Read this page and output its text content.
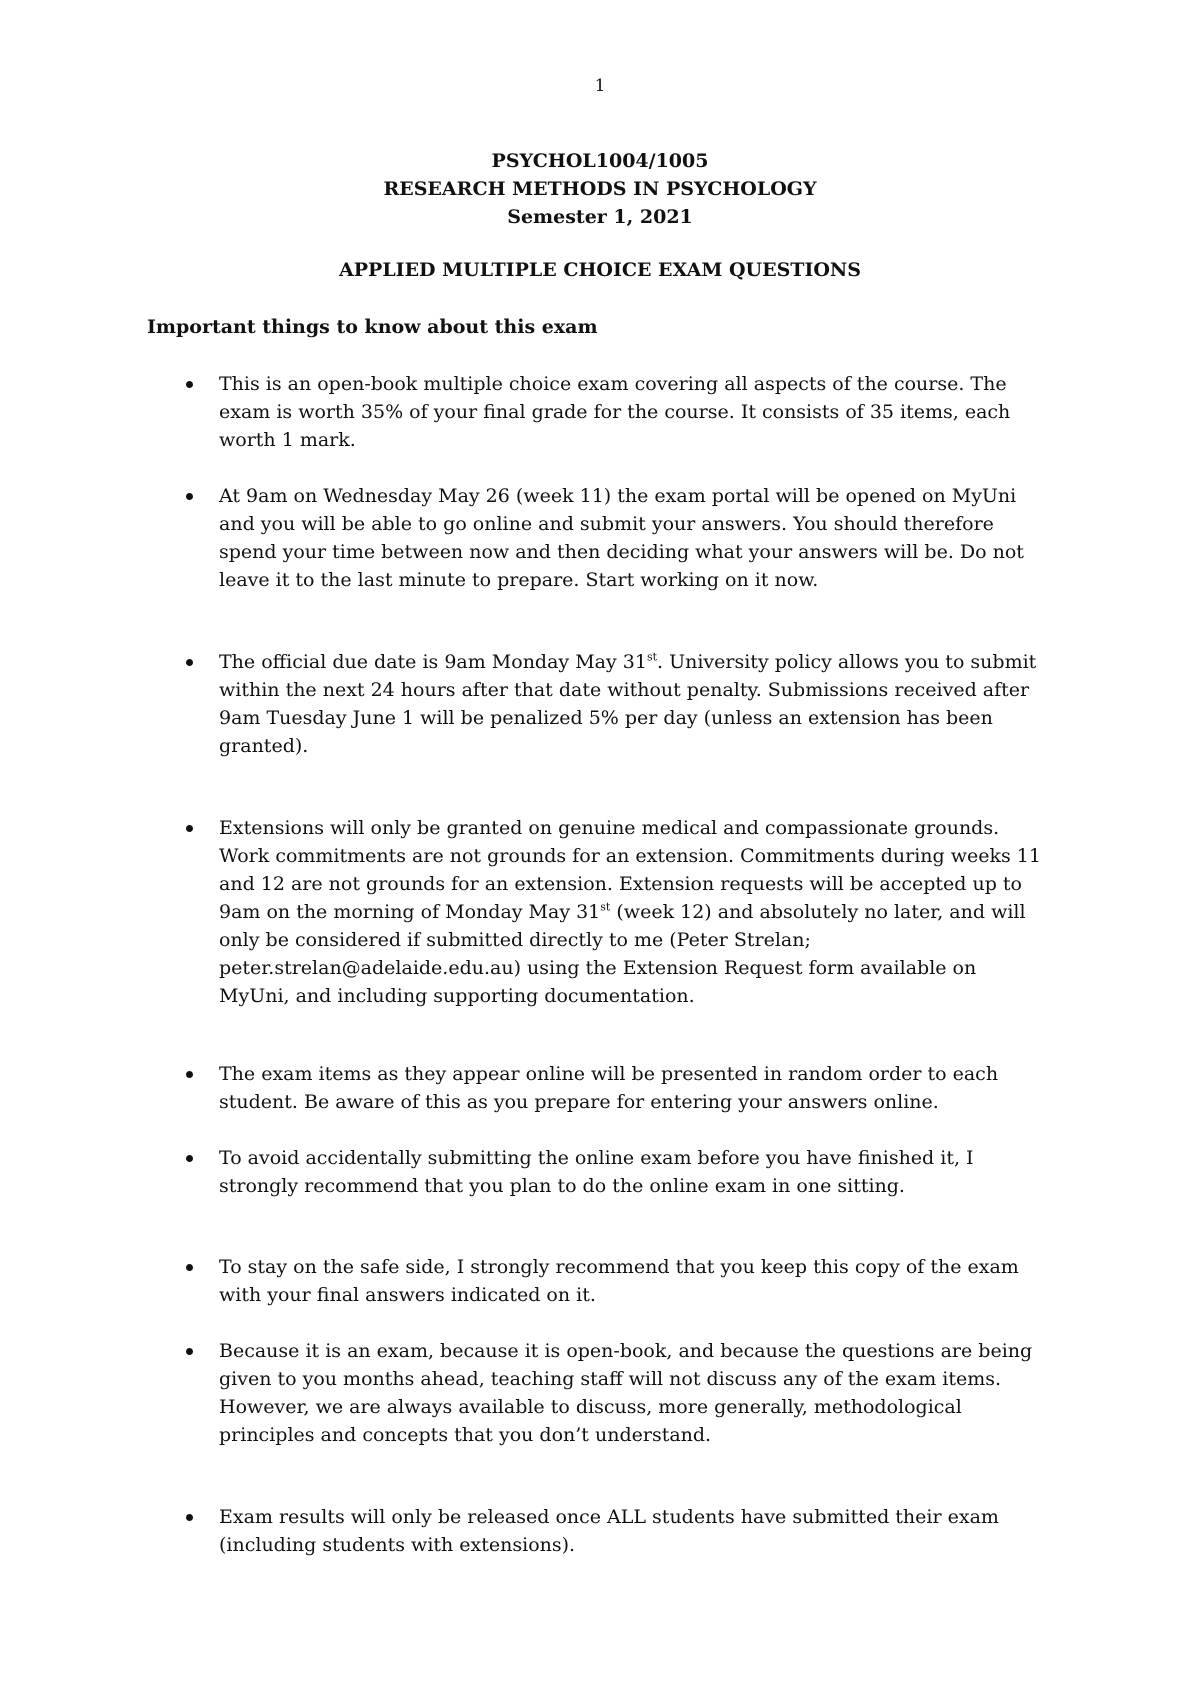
1
PSYCHOL1004/1005
RESEARCH METHODS IN PSYCHOLOGY
Semester 1, 2021
APPLIED MULTIPLE CHOICE EXAM QUESTIONS
Important things to know about this exam
This is an open-book multiple choice exam covering all aspects of the course. The
exam is worth 35% of your final grade for the course. It consists of 35 items, each
worth 1 mark.
At 9am on Wednesday May 26 (week 11) the exam portal will be opened on MyUni
and you will be able to go online and submit your answers. You should therefore
spend your time between now and then deciding what your answers will be. Do not
leave it to the last minute to prepare. Start working on it now.
The official due date is 9am Monday May 31st. University policy allows you to submit
within the next 24 hours after that date without penalty. Submissions received after
9am Tuesday June 1 will be penalized 5% per day (unless an extension has been
granted).
Extensions will only be granted on genuine medical and compassionate grounds.
Work commitments are not grounds for an extension. Commitments during weeks 11
and 12 are not grounds for an extension. Extension requests will be accepted up to
9am on the morning of Monday May 31st (week 12) and absolutely no later, and will
only be considered if submitted directly to me (Peter Strelan;
peter.strelan@adelaide.edu.au) using the Extension Request form available on
MyUni, and including supporting documentation.
The exam items as they appear online will be presented in random order to each
student. Be aware of this as you prepare for entering your answers online.
To avoid accidentally submitting the online exam before you have finished it, I
strongly recommend that you plan to do the online exam in one sitting.
To stay on the safe side, I strongly recommend that you keep this copy of the exam
with your final answers indicated on it.
Because it is an exam, because it is open-book, and because the questions are being
given to you months ahead, teaching staff will not discuss any of the exam items.
However, we are always available to discuss, more generally, methodological
principles and concepts that you don’t understand.
Exam results will only be released once ALL students have submitted their exam
(including students with extensions).
